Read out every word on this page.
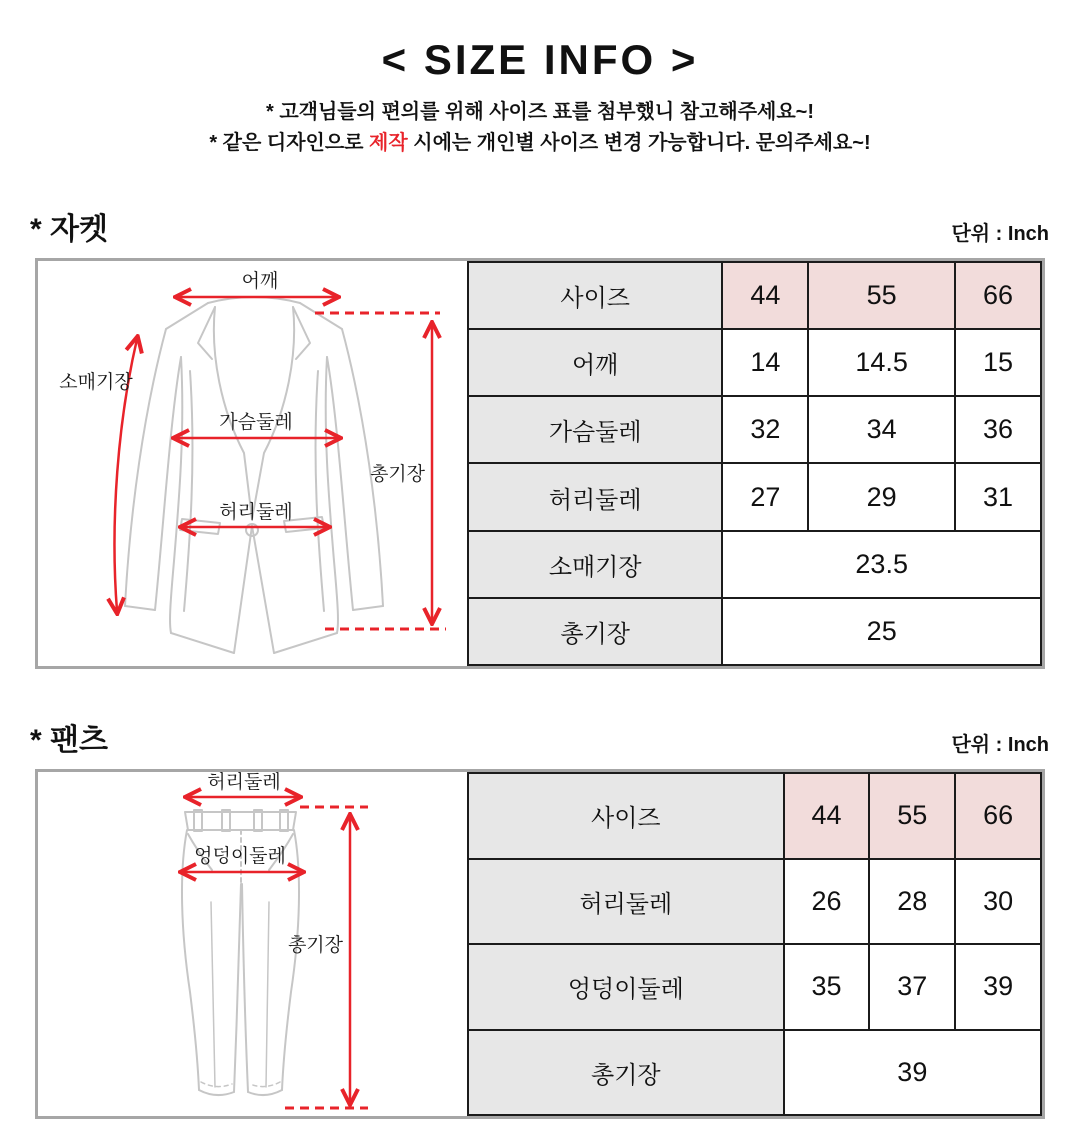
< SIZE INFO >

* 고객님들의 편의를 위해 사이즈 표를 첨부했니 참고해주세요~!

* 같은 디자인으로 제작 시에는 개인별 사이즈 변경 가능합니다. 문의주세요~!

* 자켓	단위 : Inch
어깨
소매기장
가슴둘레
허리둘레
총기장
사이즈	44	55	66
어깨	14	14.5	15
가슴둘레	32	34	36
허리둘레	27	29	31
소매기장	23.5		
총기장	25		
* 팬츠	단위 : Inch
허리둘레
엉덩이둘레
총기장
사이즈	44	55	66
허리둘레	26	28	30
엉덩이둘레	35	37	39
총기장	39		
